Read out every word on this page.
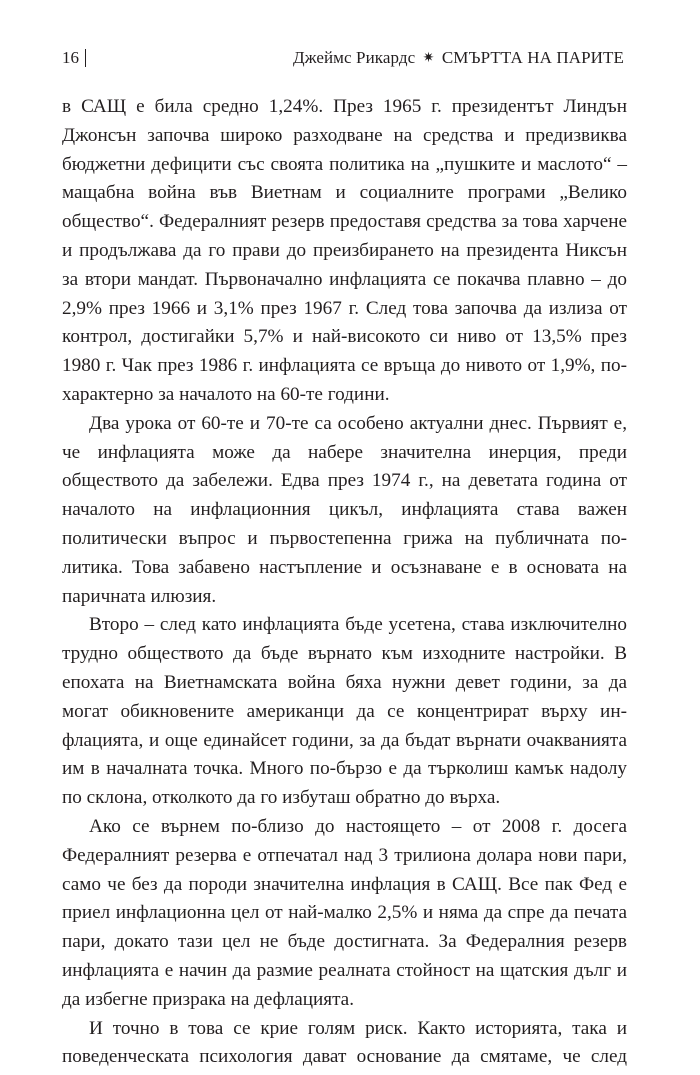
16	Джеймс Рикардс ✷ СМЪРТТА НА ПАРИТЕ

в САЩ е била средно 1,24%. През 1965 г. президентът Линдън Джонсън започва широко разходване на средства и предизвиква бюджетни дефицити със своята политика на „пушките и маслото“ – мащабна война във Виетнам и социалните програми „Велико общество“. Федералният резерв предоставя средства за това харчене и продължава да го прави до преизбирането на президента Никсън за втори мандат. Първоначално инфлацията се покачва плавно – до 2,9% през 1966 и 3,1% през 1967 г. След това започва да излиза от контрол, достигайки 5,7% и най-високото си ниво от 13,5% през 1980 г. Чак през 1986 г. инфлацията се връща до нивото от 1,9%, по-характерно за началото на 60-те години.

Два урока от 60-те и 70-те са особено актуални днес. Първият е, че инфлацията може да набере значителна инерция, преди обществото да забележи. Едва през 1974 г., на деветата година от началото на инфлационния цикъл, инфлацията става важен политически въпрос и първостепенна грижа на публичната политика. Това забавено настъпление и осъзнаване е в основата на паричната илюзия.

Второ – след като инфлацията бъде усетена, става изключително трудно обществото да бъде върнато към изходните настройки. В епохата на Виетнамската война бяха нужни девет години, за да могат обикновените американци да се концентрират върху инфлацията, и още единайсет години, за да бъдат върнати очакванията им в началната точка. Много по-бързо е да търколиш камък надолу по склона, отколкото да го избуташ обратно до върха.

Ако се върнем по-близо до настоящето – от 2008 г. досега Федералният резерва е отпечатал над 3 трилиона долара нови пари, само че без да породи значителна инфлация в САЩ. Все пак Фед е приел инфлационна цел от най-малко 2,5% и няма да спре да печата пари, докато тази цел не бъде достигната. За Федералния резерв инфлацията е начин да размие реалната стойност на щатския дълг и да избегне призрака на дефлацията.

И точно в това се крие голям риск. Както историята, така и поведенческата психология дават основание да смятаме, че след
